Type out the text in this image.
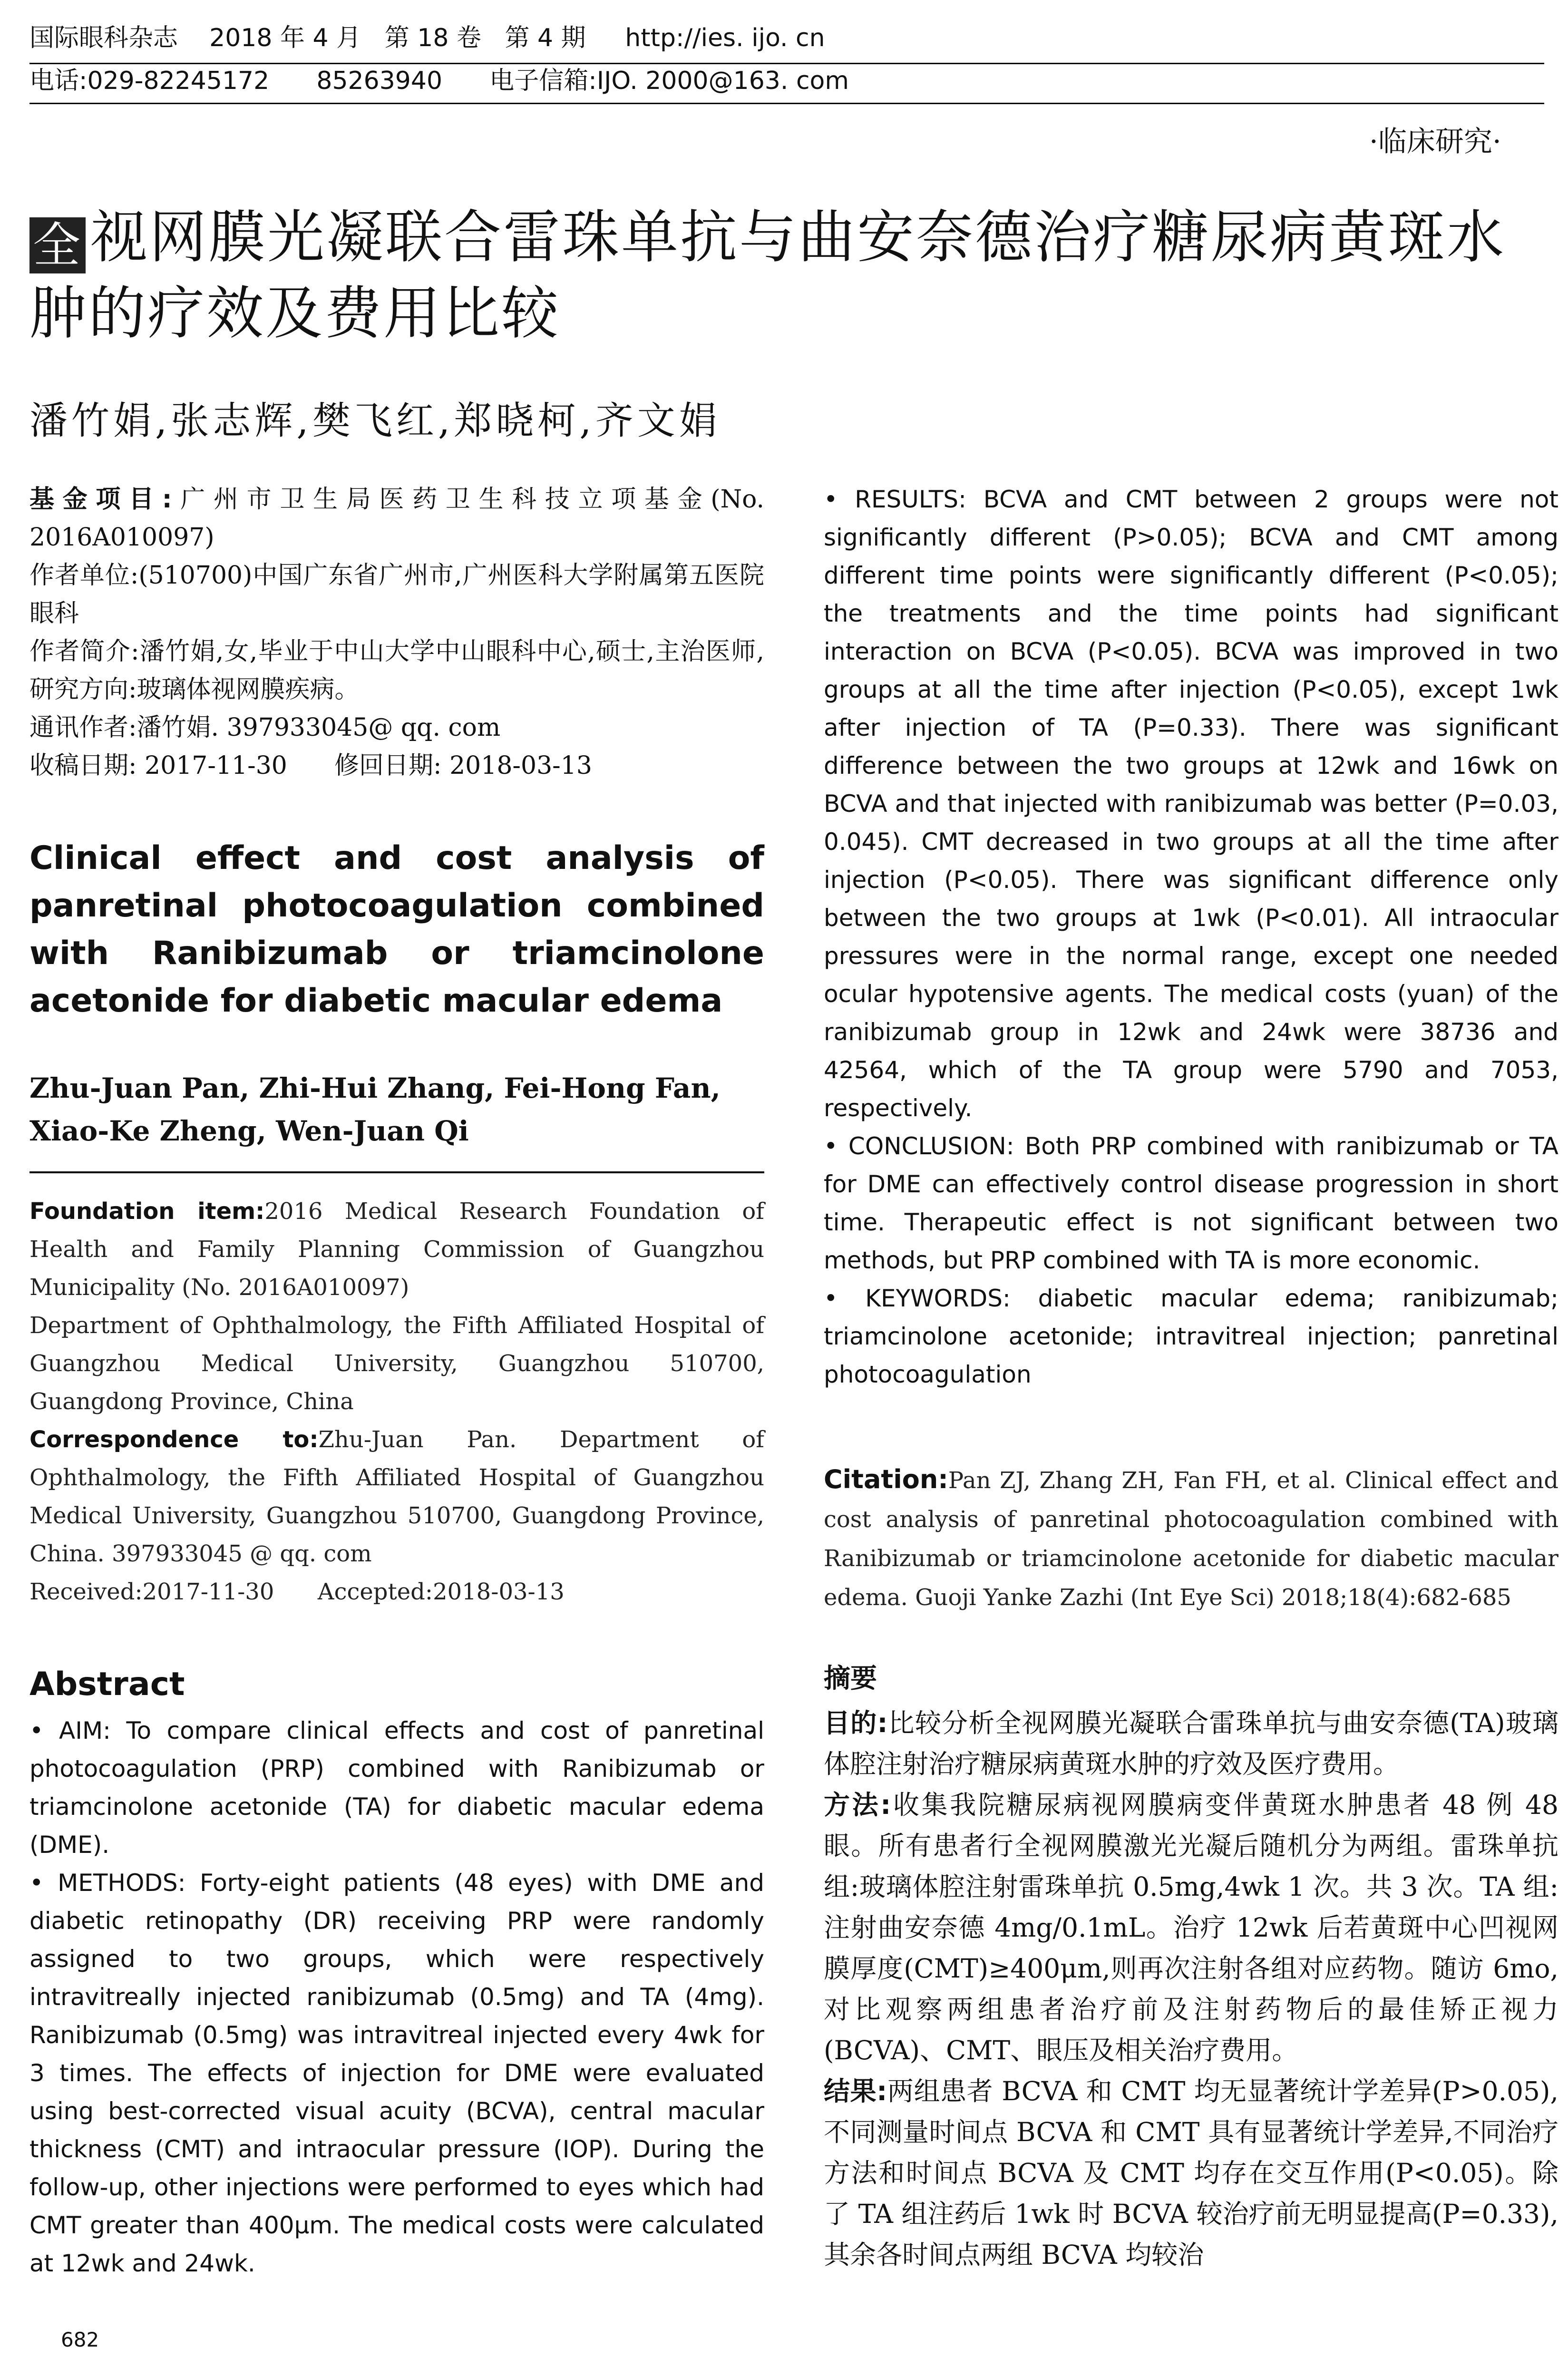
国际眼科杂志    2018 年 4 月   第 18 卷   第 4 期     http://ies. ijo. cn
电话:029-82245172      85263940      电子信箱:IJO. 2000@163. com
·临床研究·
全 视网膜光凝联合雷珠单抗与曲安奈德治疗糖尿病黄斑水肿的疗效及费用比较
潘竹娟,张志辉,樊飞红,郑晓柯,齐文娟

基金项目:广州市卫生局医药卫生科技立项基金(No. 2016A010097)

作者单位:(510700)中国广东省广州市,广州医科大学附属第五医院眼科

作者简介:潘竹娟,女,毕业于中山大学中山眼科中心,硕士,主治医师,研究方向:玻璃体视网膜疾病。

通讯作者:潘竹娟. 397933045@ qq. com

收稿日期: 2017-11-30      修回日期: 2018-03-13

Clinical effect and cost analysis of panretinal photocoagulation combined with Ranibizumab or triamcinolone acetonide for diabetic macular edema

Zhu-Juan Pan, Zhi-Hui Zhang, Fei-Hong Fan, Xiao-Ke Zheng, Wen-Juan Qi

Foundation item:2016 Medical Research Foundation of Health and Family Planning Commission of Guangzhou Municipality (No. 2016A010097)

Department of Ophthalmology, the Fifth Affiliated Hospital of Guangzhou Medical University, Guangzhou 510700, Guangdong Province, China

Correspondence to:Zhu-Juan Pan. Department of Ophthalmology, the Fifth Affiliated Hospital of Guangzhou Medical University, Guangzhou 510700, Guangdong Province, China. 397933045 @ qq. com

Received:2017-11-30      Accepted:2018-03-13

Abstract

• AIM: To compare clinical effects and cost of panretinal photocoagulation (PRP) combined with Ranibizumab or triamcinolone acetonide (TA) for diabetic macular edema (DME).

• METHODS: Forty-eight patients (48 eyes) with DME and diabetic retinopathy (DR) receiving PRP were randomly assigned to two groups, which were respectively intravitreally injected ranibizumab (0.5mg) and TA (4mg). Ranibizumab (0.5mg) was intravitreal injected every 4wk for 3 times. The effects of injection for DME were evaluated using best-corrected visual acuity (BCVA), central macular thickness (CMT) and intraocular pressure (IOP). During the follow-up, other injections were performed to eyes which had CMT greater than 400μm. The medical costs were calculated at 12wk and 24wk.

• RESULTS: BCVA and CMT between 2 groups were not significantly different (P>0.05); BCVA and CMT among different time points were significantly different (P<0.05); the treatments and the time points had significant interaction on BCVA (P<0.05). BCVA was improved in two groups at all the time after injection (P<0.05), except 1wk after injection of TA (P=0.33). There was significant difference between the two groups at 12wk and 16wk on BCVA and that injected with ranibizumab was better (P=0.03, 0.045). CMT decreased in two groups at all the time after injection (P<0.05). There was significant difference only between the two groups at 1wk (P<0.01). All intraocular pressures were in the normal range, except one needed ocular hypotensive agents. The medical costs (yuan) of the ranibizumab group in 12wk and 24wk were 38736 and 42564, which of the TA group were 5790 and 7053, respectively.

• CONCLUSION: Both PRP combined with ranibizumab or TA for DME can effectively control disease progression in short time. Therapeutic effect is not significant between two methods, but PRP combined with TA is more economic.

• KEYWORDS: diabetic macular edema; ranibizumab; triamcinolone acetonide; intravitreal injection; panretinal photocoagulation

Citation:Pan ZJ, Zhang ZH, Fan FH, et al. Clinical effect and cost analysis of panretinal photocoagulation combined with Ranibizumab or triamcinolone acetonide for diabetic macular edema. Guoji Yanke Zazhi (Int Eye Sci) 2018;18(4):682-685

摘要

目的:比较分析全视网膜光凝联合雷珠单抗与曲安奈德(TA)玻璃体腔注射治疗糖尿病黄斑水肿的疗效及医疗费用。

方法:收集我院糖尿病视网膜病变伴黄斑水肿患者 48 例 48 眼。所有患者行全视网膜激光光凝后随机分为两组。雷珠单抗组:玻璃体腔注射雷珠单抗 0.5mg,4wk 1 次。共 3 次。TA 组:注射曲安奈德 4mg/0.1mL。治疗 12wk 后若黄斑中心凹视网膜厚度(CMT)≥400μm,则再次注射各组对应药物。随访 6mo,对比观察两组患者治疗前及注射药物后的最佳矫正视力(BCVA)、CMT、眼压及相关治疗费用。

结果:两组患者 BCVA 和 CMT 均无显著统计学差异(P>0.05),不同测量时间点 BCVA 和 CMT 具有显著统计学差异,不同治疗方法和时间点 BCVA 及 CMT 均存在交互作用(P<0.05)。除了 TA 组注药后 1wk 时 BCVA 较治疗前无明显提高(P=0.33),其余各时间点两组 BCVA 均较治

682
